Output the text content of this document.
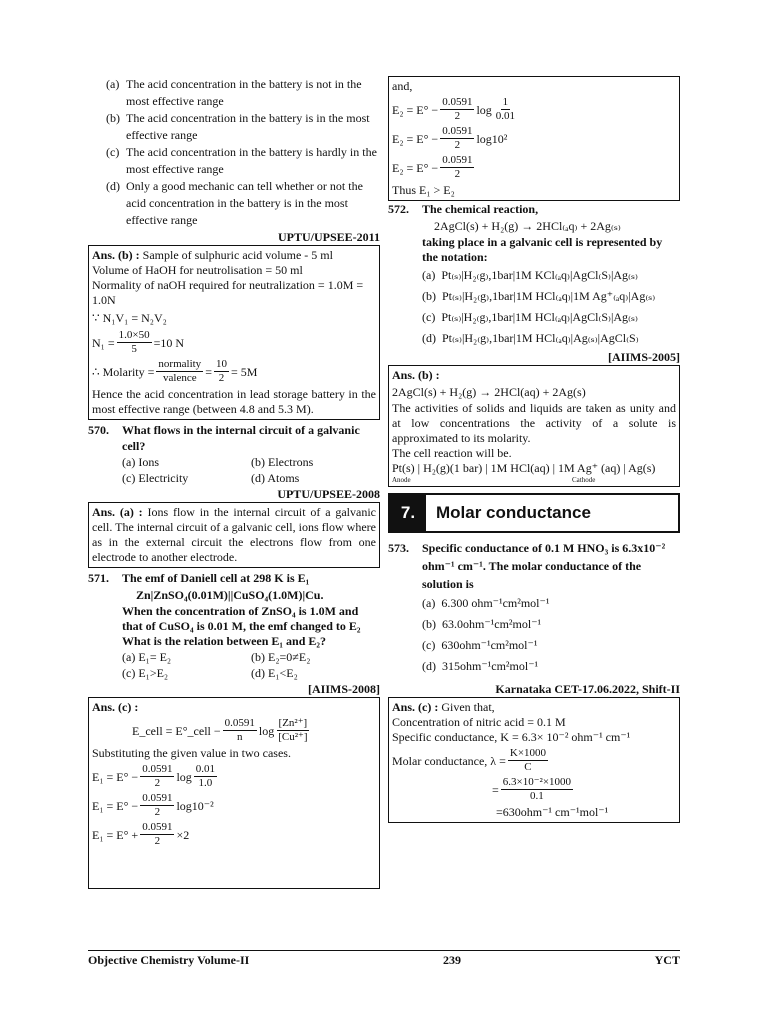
(a) The acid concentration in the battery is not in the most effective range
(b) The acid concentration in the battery is in the most effective range
(c) The acid concentration in the battery is hardly in the most effective range
(d) Only a good mechanic can tell whether or not the acid concentration in the battery is in the most effective range
UPTU/UPSEE-2011
Ans. (b) : Sample of sulphuric acid volume - 5 ml
Volume of HaOH for neutrolisation = 50 ml
Normality of naOH required for neutralization = 1.0M = 1.0N
∵ N₁V₁ = N₂V₂
$N_1 = \frac{1.0\times 50}{5} =10$ N
∴ Molarity = $\frac{\text{normality}}{\text{valence}} = \frac{10}{2} = 5M$
Hence the acid concentration in lead storage battery in the most effective range (between 4.8 and 5.3 M).
570. What flows in the internal circuit of a galvanic cell?
(a) Ions	(b) Electrons
(c) Electricity	(d) Atoms
UPTU/UPSEE-2008
Ans. (a) : Ions flow in the internal circuit of a galvanic cell. The internal circuit of a galvanic cell, ions flow where as in the external circuit the electrons flow from one electrode to another electrode.
571. The emf of Daniell cell at 298 K is E₁
Zn|ZnSO₄(0.01M)||CuSO₄(1.0M)|Cu.
When the concentration of ZnSO₄ is 1.0M and that of CuSO₄ is 0.01 M, the emf changed to E₂ What is the relation between E₁ and E₂?
(a) E₁= E₂	(b) E₂=0≠E₂
(c) E₁>E₂	(d) E₁<E₂
[AIIMS-2008]
Ans. (c) :
E_cell = E°_cell − $\frac{0.0591}{n}$ $\log \frac{\text{[Zn²⁺]}}{\text{[Cu²⁺]}}$
Substituting the given value in two cases.
$E_1 = E^\circ - \frac{0.0591}{2}$ $\log \frac{0.01}{1.0}$
$E_1 = E^\circ - \frac{0.0591}{2} \log 10^{-2}$
$E_1 = E^\circ + \frac{0.0591}{2} \times 2$
and,
$E_2 = E^\circ - \frac{0.0591}{2}$ $\log \frac{1}{0.01}$
$E_2 = E^\circ - \frac{0.0591}{2} \log 10^2$
$E_2 = E^\circ - \frac{0.0591}{2}$
Thus E₁ > E₂
572. The chemical reaction,
2AgCl(s) + H₂(g) → 2HCl₍ₐq₎ + 2Ag₍ₛ₎
taking place in a galvanic cell is represented by the notation:
(a)  Pt₍ₛ₎|H₂₍g₎,1bar|1M KCl₍ₐq₎|AgCl₍S₎|Ag₍ₛ₎
(b)  Pt₍ₛ₎|H₂₍g₎,1bar|1M HCl₍ₐq₎|1M Ag⁺₍ₐq₎|Ag₍ₛ₎
(c)  Pt₍ₛ₎|H₂₍g₎,1bar|1M HCl₍ₐq₎|AgCl₍S₎|Ag₍ₛ₎
(d)  Pt₍ₛ₎|H₂₍g₎,1bar|1M HCl₍ₐq₎|Ag₍ₛ₎|AgCl₍S₎
[AIIMS-2005]
Ans. (b) :
2AgCl(s) + H₂(g) → 2HCl(aq) + 2Ag(s)
The activities of solids and liquids are taken as unity and at low concentrations the activity of a solute is approximated to its molarity.
The cell reaction will be.
Pt(s) | H₂(g)(1 bar) | 1M HCl(aq) | 1M Ag⁺ (aq) | Ag(s)
Anode	Cathode
7.	Molar conductance
573. Specific conductance of 0.1 M HNO₃ is 6.3x10⁻² ohm⁻¹ cm⁻¹. The molar conductance of the solution is
(a)  6.300 ohm⁻¹cm²mol⁻¹
(b)  63.0ohm⁻¹cm²mol⁻¹
(c)  630ohm⁻¹cm²mol⁻¹
(d)  315ohm⁻¹cm²mol⁻¹
Karnataka CET-17.06.2022, Shift-II
Ans. (c) : Given that,
Concentration of nitric acid = 0.1 M
Specific conductance, K = 6.3× 10⁻² ohm⁻¹ cm⁻¹
Molar conductance, $\lambda = \frac{K\times 1000}{C}$
= $\frac{\text{6.3×10⁻²×1000}}{0.1}$
=630ohm⁻¹ cm⁻¹mol⁻¹
Objective Chemistry Volume-II	239	YCT
